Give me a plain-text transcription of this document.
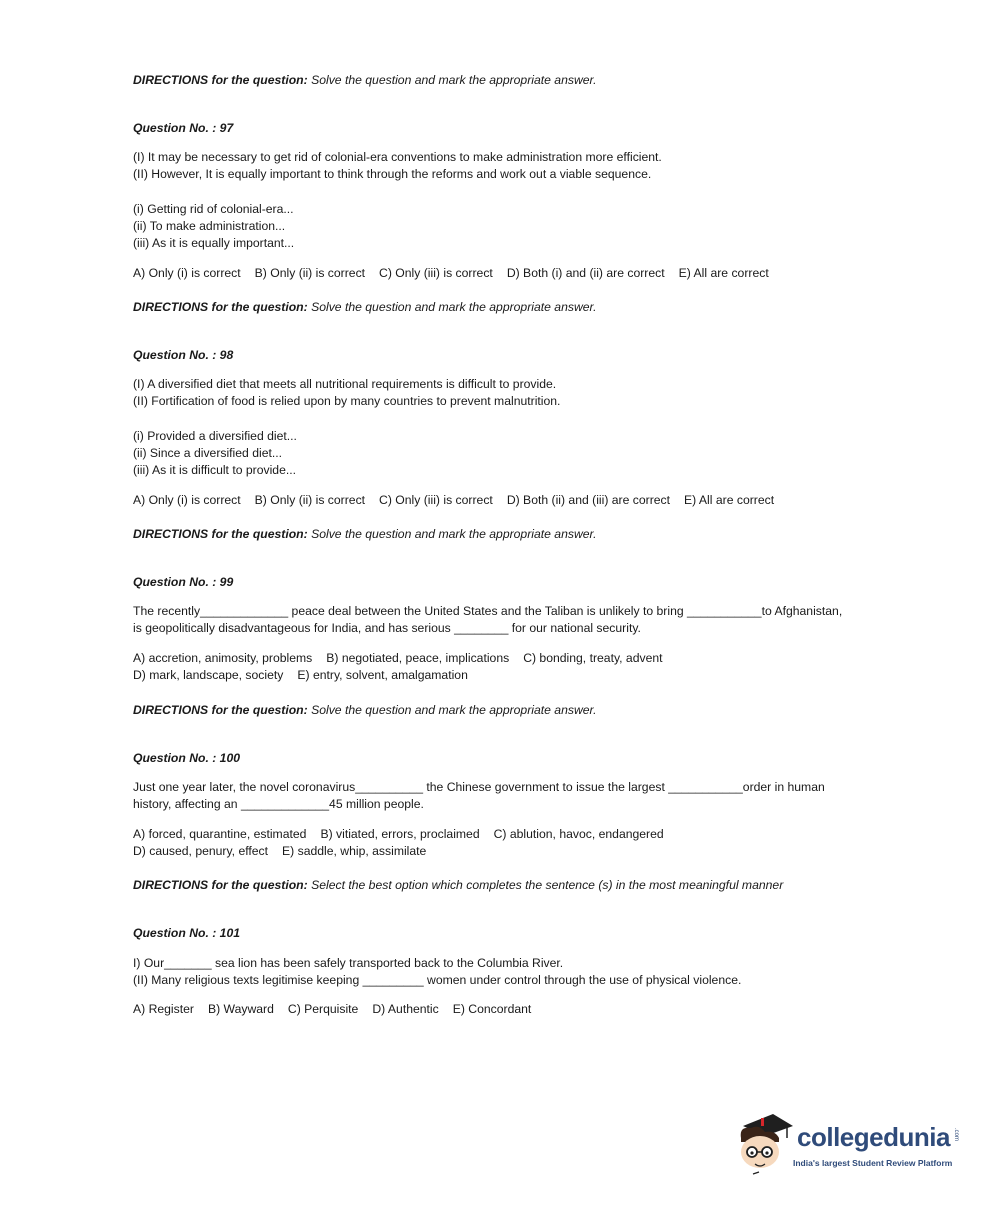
DIRECTIONS for the question: Solve the question and mark the appropriate answer.
Question No. : 97
(I) It may be necessary to get rid of colonial-era conventions to make administration more efficient.
(II) However, It is equally important to think through the reforms and work out a viable sequence.
(i) Getting rid of colonial-era...
(ii) To make administration...
(iii) As it is equally important...
A) Only (i) is correct B) Only (ii) is correct C) Only (iii) is correct D) Both (i) and (ii) are correct E) All are correct
DIRECTIONS for the question: Solve the question and mark the appropriate answer.
Question No. : 98
(I) A diversified diet that meets all nutritional requirements is difficult to provide.
(II) Fortification of food is relied upon by many countries to prevent malnutrition.
(i) Provided a diversified diet...
(ii) Since a diversified diet...
(iii) As it is difficult to provide...
A) Only (i) is correct B) Only (ii) is correct C) Only (iii) is correct D) Both (ii) and (iii) are correct E) All are correct
DIRECTIONS for the question: Solve the question and mark the appropriate answer.
Question No. : 99
The recently_____________ peace deal between the United States and the Taliban is unlikely to bring ___________to Afghanistan,
is geopolitically disadvantageous for India, and has serious ________ for our national security.
A) accretion, animosity, problems B) negotiated, peace, implications C) bonding, treaty, advent
D) mark, landscape, society E) entry, solvent, amalgamation
DIRECTIONS for the question: Solve the question and mark the appropriate answer.
Question No. : 100
Just one year later, the novel coronavirus__________ the Chinese government to issue the largest ___________order in human
history, affecting an _____________45 million people.
A) forced, quarantine, estimated B) vitiated, errors, proclaimed C) ablution, havoc, endangered
D) caused, penury, effect E) saddle, whip, assimilate
DIRECTIONS for the question: Select the best option which completes the sentence (s) in the most meaningful manner
Question No. : 101
I) Our_______ sea lion has been safely transported back to the Columbia River.
(II) Many religious texts legitimise keeping _________ women under control through the use of physical violence.
A) Register B) Wayward C) Perquisite D) Authentic E) Concordant
collegedunia .com
India's largest Student Review Platform
